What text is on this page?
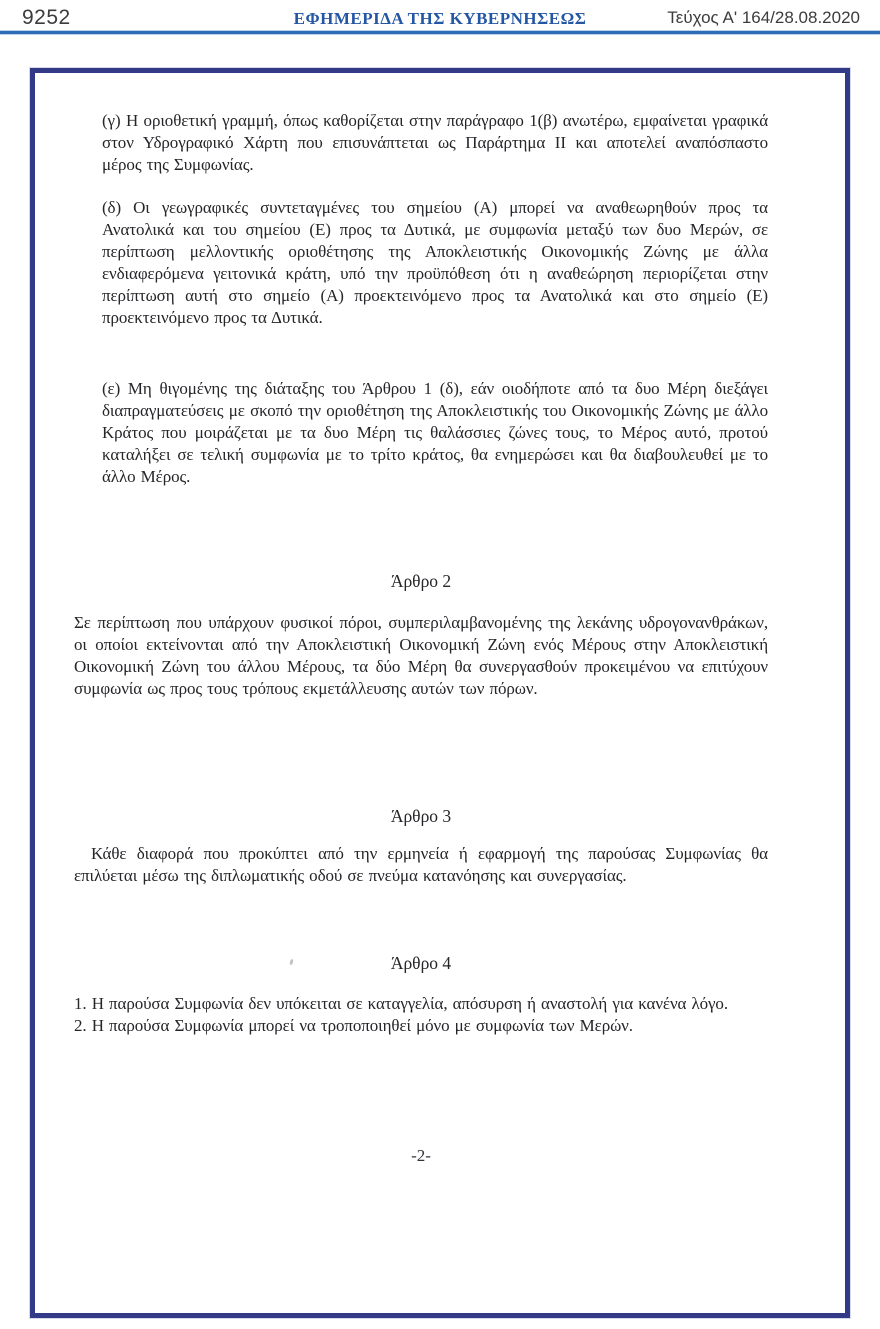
9252	ΕΦΗΜΕΡΙΔΑ ΤΗΣ ΚΥΒΕΡΝΗΣΕΩΣ	Τεύχος Α' 164/28.08.2020
(γ) Η οριοθετική γραμμή, όπως καθορίζεται στην παράγραφο 1(β) ανωτέρω, εμφαίνεται γραφικά στον Υδρογραφικό Χάρτη που επισυνάπτεται ως Παράρτημα ΙΙ και αποτελεί αναπόσπαστο μέρος της Συμφωνίας.
(δ) Οι γεωγραφικές συντεταγμένες του σημείου (Α) μπορεί να αναθεωρηθούν προς τα Ανατολικά και του σημείου (Ε) προς τα Δυτικά, με συμφωνία μεταξύ των δυο Μερών, σε περίπτωση μελλοντικής οριοθέτησης της Αποκλειστικής Οικονομικής Ζώνης με άλλα ενδιαφερόμενα γειτονικά κράτη, υπό την προϋπόθεση ότι η αναθεώρηση περιορίζεται στην περίπτωση αυτή στο σημείο (Α) προεκτεινόμενο προς τα Ανατολικά και στο σημείο (Ε) προεκτεινόμενο προς τα Δυτικά.
(ε) Μη θιγομένης της διάταξης του Άρθρου 1 (δ), εάν οιοδήποτε από τα δυο Μέρη διεξάγει διαπραγματεύσεις με σκοπό την οριοθέτηση της Αποκλειστικής του Οικονομικής Ζώνης με άλλο Κράτος που μοιράζεται με τα δυο Μέρη τις θαλάσσιες ζώνες τους, το Μέρος αυτό, προτού καταλήξει σε τελική συμφωνία με το τρίτο κράτος, θα ενημερώσει και θα διαβουλευθεί με το άλλο Μέρος.
Άρθρο 2
Σε περίπτωση που υπάρχουν φυσικοί πόροι, συμπεριλαμβανομένης της λεκάνης υδρογονανθράκων, οι οποίοι εκτείνονται από την Αποκλειστική Οικονομική Ζώνη ενός Μέρους στην Αποκλειστική Οικονομική Ζώνη του άλλου Μέρους, τα δύο Μέρη θα συνεργασθούν προκειμένου να επιτύχουν συμφωνία ως προς τους τρόπους εκμετάλλευσης αυτών των πόρων.
Άρθρο 3
Κάθε διαφορά που προκύπτει από την ερμηνεία ή εφαρμογή της παρούσας Συμφωνίας θα επιλύεται μέσω της διπλωματικής οδού σε πνεύμα κατανόησης και συνεργασίας.
Άρθρο 4
1. Η παρούσα Συμφωνία δεν υπόκειται σε καταγγελία, απόσυρση ή αναστολή για κανένα λόγο.
2. Η παρούσα Συμφωνία μπορεί να τροποποιηθεί μόνο με συμφωνία των Μερών.
-2-
